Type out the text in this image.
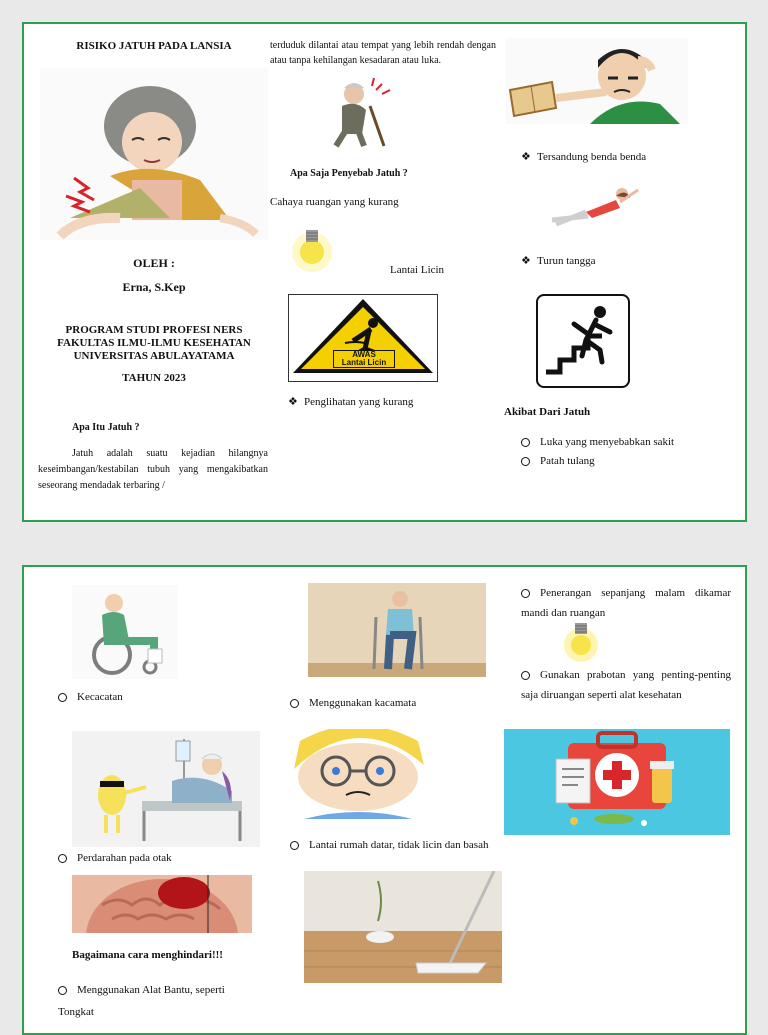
RISIKO JATUH PADA LANSIA
OLEH :
Erna, S.Kep
PROGRAM STUDI PROFESI NERS
FAKULTAS ILMU-ILMU KESEHATAN
UNIVERSITAS ABULAYATAMA
TAHUN 2023
Apa Itu Jatuh ?
Jatuh adalah suatu kejadian hilangnya keseimbangan/kestabilan tubuh yang mengakibatkan seseorang mendadak terbaring /
terduduk dilantai atau tempat yang lebih rendah dengan atau tanpa kehilangan kesadaran atau luka.
Apa Saja Penyebab Jatuh ?
Cahaya ruangan yang kurang
Lantai Licin
AWAS
Lantai Licin
❖ Penglihatan yang kurang
❖ Tersandung benda benda
❖ Turun tangga
Akibat Dari Jatuh
Luka yang menyebabkan sakit
Patah tulang
Kecacatan
Perdarahan pada otak
Bagaimana cara menghindari!!!
Menggunakan Alat Bantu, seperti Tongkat
Menggunakan kacamata
Lantai rumah datar, tidak licin dan basah
Penerangan sepanjang malam dikamar mandi dan ruangan
Gunakan prabotan yang penting-penting saja diruangan seperti alat kesehatan
